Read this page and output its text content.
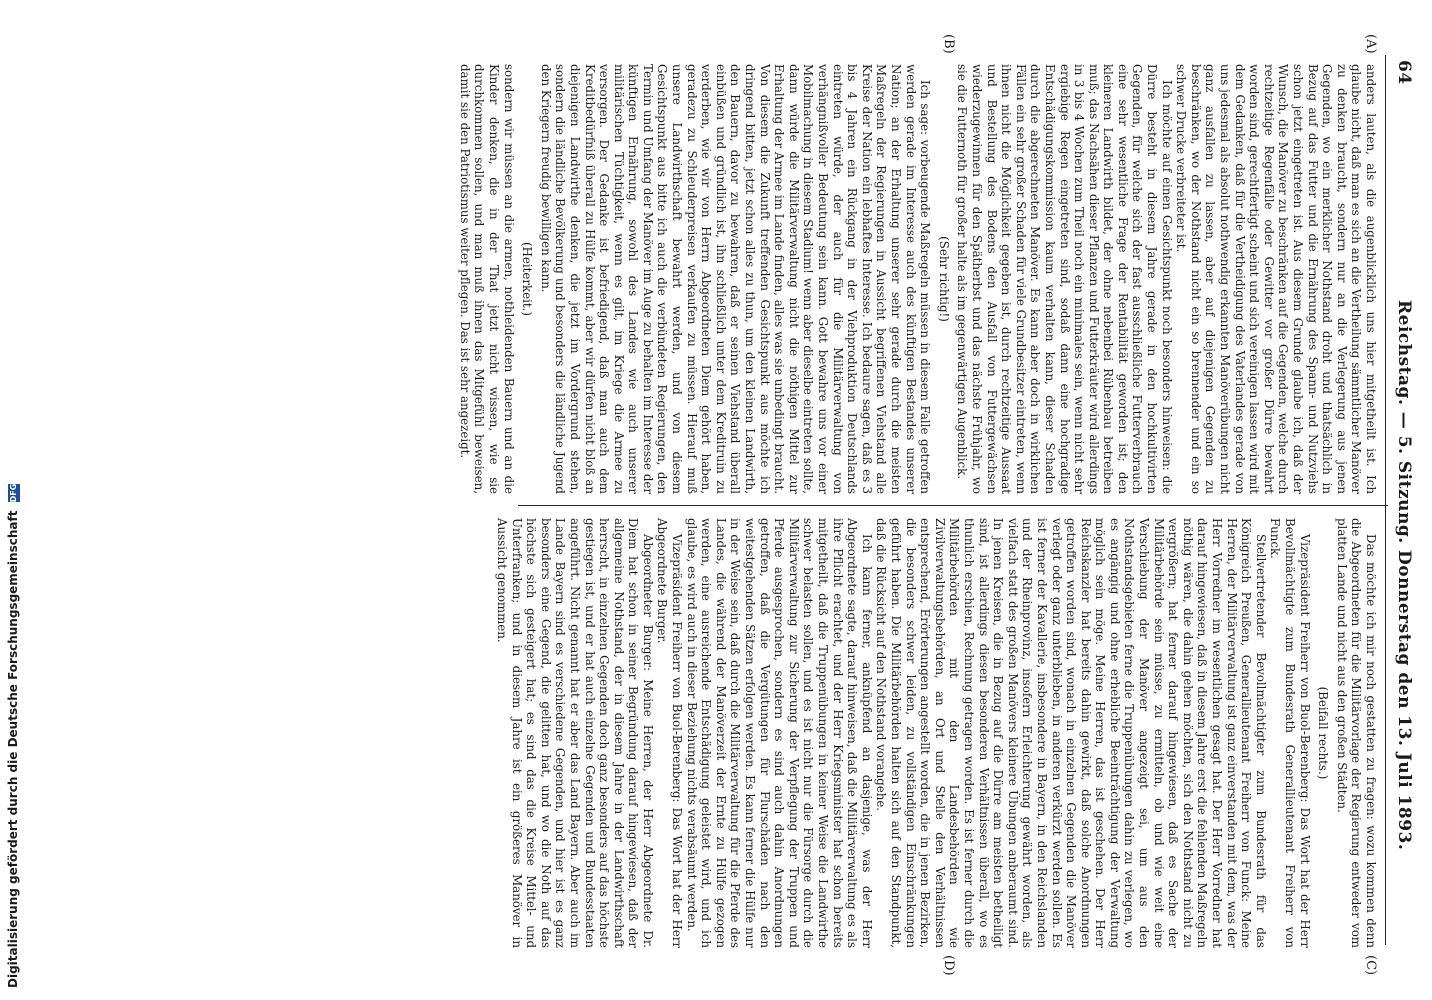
(A)
(B)
(C)
(D)
64
Reichstag. — 5. Sitzung. Donnerstag den 13. Juli 1893.

anders lauten, als die augenblicklich uns hier mitgetheilt ist. Ich glaube nicht, daß man es sich an die Vertheilung sämmtlicher Manöver zu denken braucht, sondern nur an die Verlegerung aus jenen Gegenden, wo ein merklicher Nothstand droht und thatsächlich in Bezug auf das Futter und die Ernährung des Spann- und Nutzviehs schon jetzt eingetreten ist. Aus diesem Grunde glaube ich, daß der Wunsch, die Manöver zu beschränken auf die Gegenden, welche durch rechtzeitige Regenfälle oder Gewitter vor großer Dürre bewahrt worden sind, gerechtfertigt scheint und sich vereinigen lassen wird mit dem Gedanken, daß für die Vertheidigung des Vaterlandes gerade von uns jedesmal als absolut nothwendig erkannten Manöverübungen nicht ganz ausfallen zu lassen, aber auf diejenigen Gegenden zu beschränken, wo der Nothstand nicht ein so brennender und ein so schwer Drucke verbreiteter ist.

Ich möchte auf einen Gesichtspunkt noch besonders hinweisen: die Dürre besteht in diesem Jahre gerade in den hochkultivirten Gegenden, für welche sich der fast ausschließliche Futterverbrauch eine sehr wesentliche Frage der Rentabilität geworden ist; den kleineren Landwirth bildet, der ohne nebenbei Rübenbau betreiben muß; das Nachsähen dieser Pflanzen und Futterkräuter wird allerdings in 3 bis 4 Wochen zum Theil noch ein minimales sein, wenn nicht sehr ergiebige Regen eingetreten sind, sodaß dann eine hochgradige Entschädigungskommission kaum verhalten kann, dieser Schaden durch die abgerechneten Manöver. Es kann aber doch in wirklichen Fällen ein sehr großer Schaden für viele Grundbesitzer eintreten, wenn ihnen nicht die Möglichkeit gegeben ist, durch rechtzeitige Aussaat und Bestellung des Bodens den Ausfall von Futtergewächsen wiederzugewinnen für den Spätherbst und das nächste Frühjahr, wo sie die Futternoth für großer halte als im gegenwärtigen Augenblick.

(Sehr richtig!)

Ich sage: vorbeugende Maßregeln müssen in diesem Falle getroffen werden gerade im Interesse auch des künftigen Bestandes unserer Nation; an der Erhaltung unserer sehr gerade durch die meisten Maßregeln der Regierungen in Aussicht begriffenen Viehstand alle Kreise der Nation ein lebhaftes Interesse. Ich bedaure sagen, daß es 3 bis 4 Jahren ein Rückgang in der Viehproduktion Deutschlands eintreten würde, der auch für die Militärverwaltung von verhängnißvoller Bedeutung sein kann. Gott bewahre uns vor einer Mobilmachung in diesem Stadium! wenn aber dieselbe eintreten sollte, dann würde die Militärverwaltung nicht die nöthigen Mittel zur Erhaltung der Armee im Lande finden, alles was sie unbedingt braucht. Von diesem die Zukunft treffenden Gesichtspunkt aus möchte ich dringend bitten, jetzt schon alles zu thun, um den kleinen Landwirth, den Bauern, davor zu bewahren, daß er seinen Viehstand überall einbüßen und gründlich ist, ihn schließlich unter dem Kreditruin zu verderben, wie wir von Herrn Abgeordneten Diem gehört haben, geradezu zu Schleuderpreisen verkaufen zu müssen. Hierauf muß unsere Landwirthschaft bewahrt werden, und von diesem Gesichtspunkt aus bitte ich auch die verbündeten Regierungen, den Termin und Umfang der Manöver im Auge zu behalten im Interesse der künftigen Ernährung, sowohl des Landes wie auch unserer militärischen Tüchtigkeit, wenn es gilt, im Kriege die Armee zu versorgen. Der Gedanke ist befriedigend, daß man auch dem Kreditbedürfniß überall zu Hülfe kommt, aber wir dürfen nicht bloß an diejenigen Landwirthe denken, die jetzt im Vordergrund stehen, sondern die ländliche Bevölkerung und besonders die ländliche Jugend den Kriegern freudig bewilligen kann.

(Heiterkeit.)

sondern wir müssen an die armen, nothleidenden Bauern und an die Kinder denken, die in der That jetzt nicht wissen, wie sie durchkommen sollen, und man muß ihnen das Mitgefühl beweisen, damit sie den Patriotismus weiter pflegen. Das ist sehr angezeigt.

Das möchte ich mir noch gestatten zu fragen: wozu kommen denn die Abgeordneten für die Militärvorlage der Regierung entweder vom platten Lande und nicht aus den großen Städten.

(Beifall rechts.)

Vizepräsident Freiherr von Buol-Berenberg: Das Wort hat der Herr Bevollmächtigte zum Bundesrath Generallieutenant Freiherr von Funck.

Stellvertretender Bevollmächtigter zum Bundesrath für das Königreich Preußen, Generallieutenant Freiherr von Funck: Meine Herren, der Militärverwaltung ist ganz einverstanden mit dem, was der Herr Vorredner im wesentlichen gesagt hat. Der Herr Vorredner hat darauf hingewiesen, daß in diesem Jahre erst die fehlenden Maßregeln nöthig wären, die dahin gehen möchten, sich den Nothstand nicht zu vergrößern; hat ferner darauf hingewiesen, daß es Sache der Militärbehörde sein müsse, zu ermitteln, ob und wie weit eine Verschiebung der Manöver angezeigt sei, um aus den Nothstandsgebieten ferne die Truppenübungen dahin zu verlegen, wo es angängig und ohne erhebliche Beeinträchtigung der Verwaltung möglich sein möge. Meine Herren, das ist geschehen. Der Herr Reichskanzler hat bereits dahin gewirkt, daß solche Anordnungen getroffen worden sind, wonach in einzelnen Gegenden die Manöver verlegt oder ganz unterblieben, in anderen verkürzt werden sollen. Es ist ferner der Kavallerie, insbesondere in Bayern, in den Reichslanden und der Rheinprovinz, insofern Erleichterung gewährt worden, als vielfach statt des großen Manövers kleinere Übungen anberaumt sind. In jenen Kreisen, die in Bezug auf die Dürre am meisten betheiligt sind, ist allerdings diesen besonderen Verhältnissen überall, wo es thunlich erschien, Rechnung getragen worden. Es ist ferner durch die Militärbehörden mit den Landesbehörden wie Zivilverwaltungsbehörden, an Ort und Stelle den Verhältnissen entsprechend, Erörterungen angestellt worden, die in jenen Bezirken, die besonders schwer leiden, zu vollständigen Einschränkungen geführt haben. Die Militärbehörden halten sich auf den Standpunkt, daß die Rücksicht auf den Nothstand vorangehe.

Ich kann ferner, anknüpfend an dasjenige, was der Herr Abgeordnete sagte, darauf hinweisen, daß die Militärverwaltung es als ihre Pflicht erachtet, und der Herr Kriegsminister hat schon bereits mitgetheilt, daß die Truppenübungen in keiner Weise die Landwirthe schwer belasten sollen, und es ist nicht nur die Fürsorge durch die Militärverwaltung zur Sicherung der Verpflegung der Truppen und Pferde ausgesprochen, sondern es sind auch dahin Anordnungen getroffen, daß die Vergütungen für Flurschäden nach den weitestgehenden Sätzen erfolgen werden. Es kann ferner die Hülfe nur in der Weise sein, daß durch die Militärverwaltung für die Pferde des Landes, die während der Manöverzeit der Ernte zu Hülfe gezogen werden, eine ausreichende Entschädigung geleistet wird, und ich glaube, es wird auch in dieser Beziehung nichts verabsäumt werden.

Vizepräsident Freiherr von Buol-Berenberg: Das Wort hat der Herr Abgeordnete Burger.

Abgeordneter Burger: Meine Herren, der Herr Abgeordnete Dr. Diem hat schon in seiner Begründung darauf hingewiesen, daß der allgemeine Nothstand, der in diesem Jahre in der Landwirthschaft herrscht, in einzelnen Gegenden doch ganz besonders auf das höchste gestiegen ist, und er hat auch einzelne Gegenden und Bundesstaaten angeführt. Nicht genannt hat er aber das Land Bayern. Aber auch im Lande Bayern sind es verschiedene Gegenden, und hier ist es ganz besonders eine Gegend, die gelitten hat, und wo die Noth auf das höchste sich gesteigert hat; es sind das die Kreise Mittel- und Unterfranken; und in diesem Jahre ist ein größeres Manöver in Aussicht genommen.

Digitalisierung gefördert durch die Deutsche Forschungsgemeinschaft DFG
